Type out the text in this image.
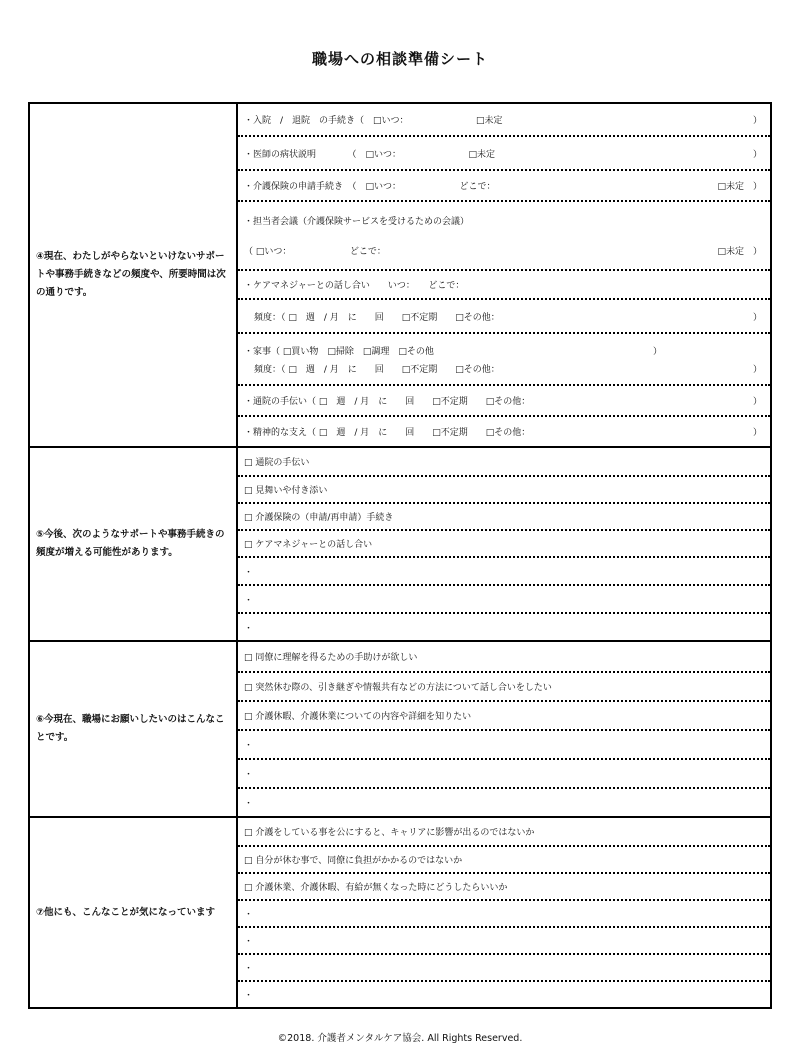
職場への相談準備シート
④現在、わたしがやらないといけないサポートや事務手続きなどの頻度や、所要時間は次の通りです。
・入院　/　退院　の手続き（　□いつ：　　　　　　　　□未定	）
・医師の病状説明　　　　（　□いつ：　　　　　　　　□未定	）
・介護保険の申請手続き　（　□いつ：　　　　　　　どこで：	□未定　）
・担当者会議（介護保険サービスを受けるための会議）
（ □いつ：　　　　　　　どこで：	□未定　）
・ケアマネジャーとの話し合い　　いつ：　　どこで：
頻度：（ □　週　/ 月　に　　回　　□不定期　　□その他：	）
・家事（ □買い物　□掃除　□調理　□その他	）
頻度：（ □　週　/ 月　に　　回　　□不定期　　□その他：	）
・通院の手伝い（ □　週　/ 月　に　　回　　□不定期　　□その他：	）
・精神的な支え（ □　週　/ 月　に　　回　　□不定期　　□その他：	）
⑤今後、次のようなサポートや事務手続きの頻度が増える可能性があります。
□ 通院の手伝い
□ 見舞いや付き添い
□ 介護保険の（申請/再申請）手続き
□ ケアマネジャーとの話し合い
・
・
・
⑥今現在、職場にお願いしたいのはこんなことです。
□ 同僚に理解を得るための手助けが欲しい
□ 突然休む際の、引き継ぎや情報共有などの方法について話し合いをしたい
□ 介護休暇、介護休業についての内容や詳細を知りたい
・
・
・
⑦他にも、こんなことが気になっています
□ 介護をしている事を公にすると、キャリアに影響が出るのではないか
□ 自分が休む事で、同僚に負担がかかるのではないか
□ 介護休業、介護休暇、有給が無くなった時にどうしたらいいか
・
・
・
・
©2018. 介護者メンタルケア協会. All Rights Reserved.
